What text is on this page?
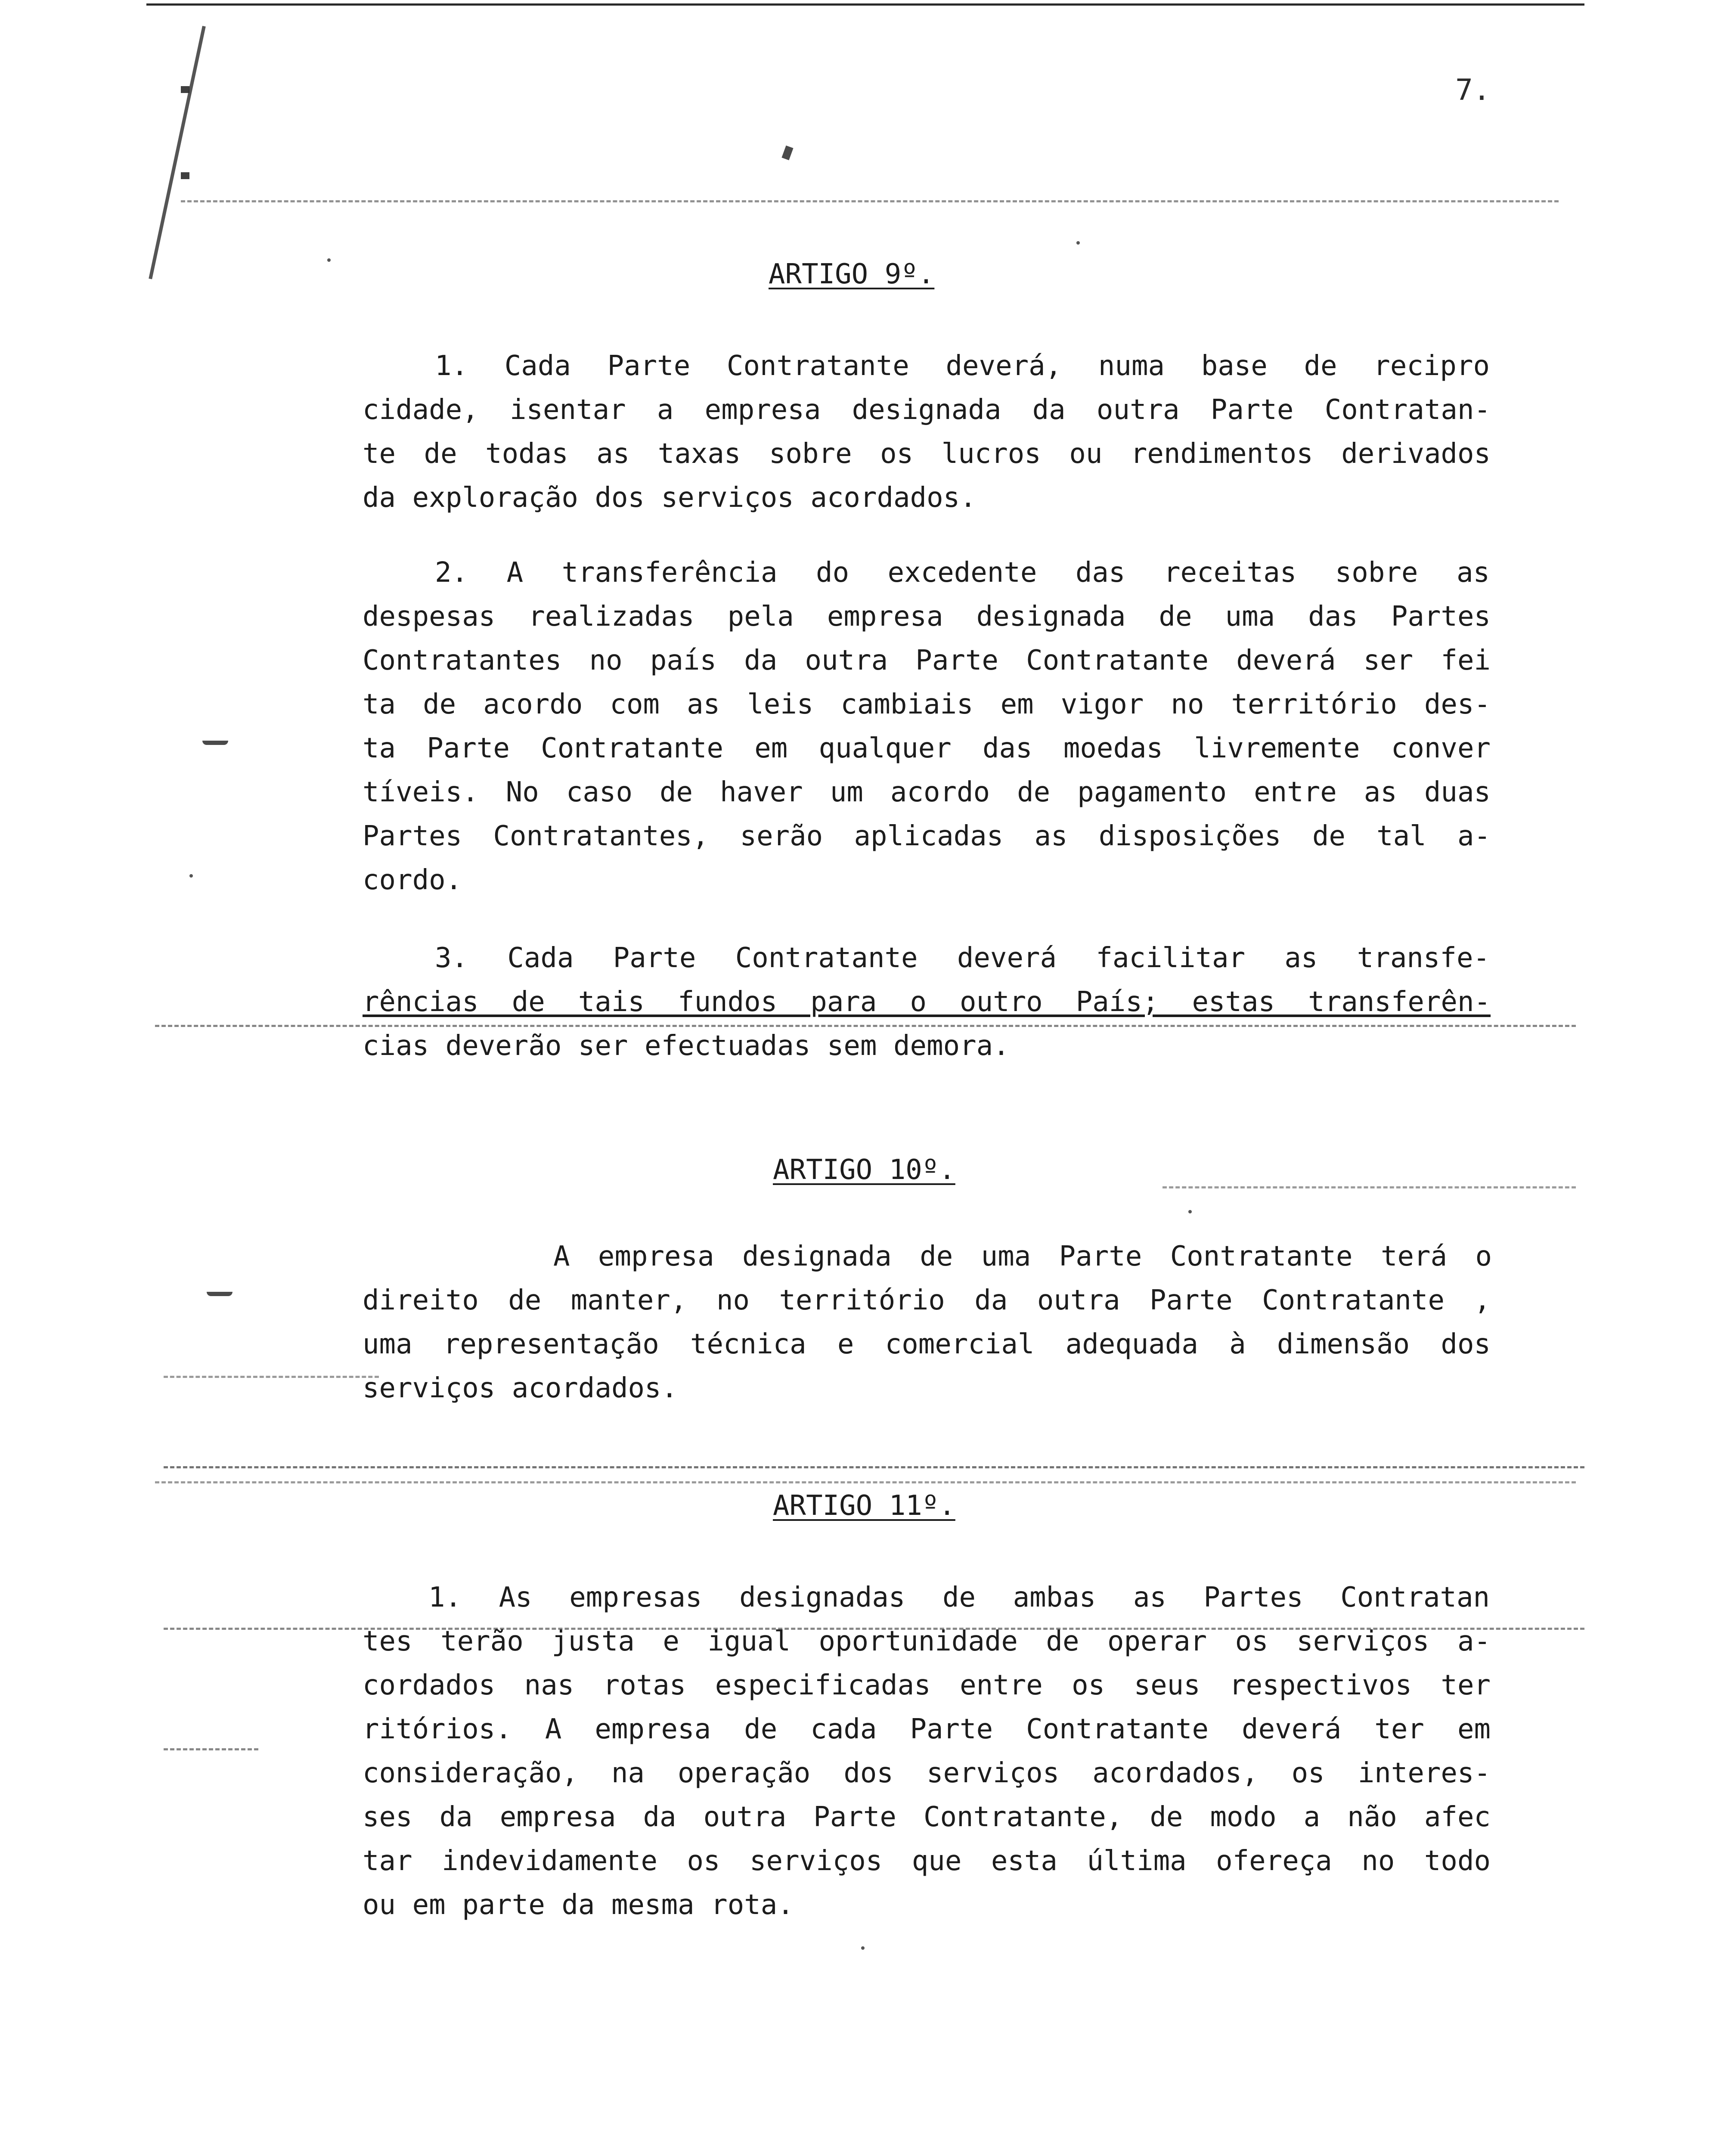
7.
ARTIGO 9º.
1. Cada Parte Contratante deverá, numa base de recipro
cidade, isentar a empresa designada da outra Parte Contratan-
te de todas as taxas sobre os lucros ou rendimentos derivados
da exploração dos serviços acordados.
2. A transferência do excedente das receitas sobre as
despesas realizadas pela empresa designada de uma das Partes
Contratantes no país da outra Parte Contratante deverá ser fei
ta de acordo com as leis cambiais em vigor no território des-
ta Parte Contratante em qualquer das moedas livremente conver
tíveis. No caso de haver um acordo de pagamento entre as duas
Partes Contratantes, serão aplicadas as disposições de tal a-
cordo.
3. Cada Parte Contratante deverá facilitar as transfe-
rências de tais fundos para o outro País; estas transferên-
cias deverão ser efectuadas sem demora.
ARTIGO 10º.
A empresa designada de uma Parte Contratante terá o
direito de manter, no território da outra Parte Contratante ,
uma representação técnica e comercial adequada à dimensão dos
serviços acordados.
ARTIGO 11º.
1. As empresas designadas de ambas as Partes Contratan
tes terão justa e igual oportunidade de operar os serviços a-
cordados nas rotas especificadas entre os seus respectivos ter
ritórios. A empresa de cada Parte Contratante deverá ter em
consideração, na operação dos serviços acordados, os interes-
ses da empresa da outra Parte Contratante, de modo a não afec
tar indevidamente os serviços que esta última ofereça no todo
ou em parte da mesma rota.
